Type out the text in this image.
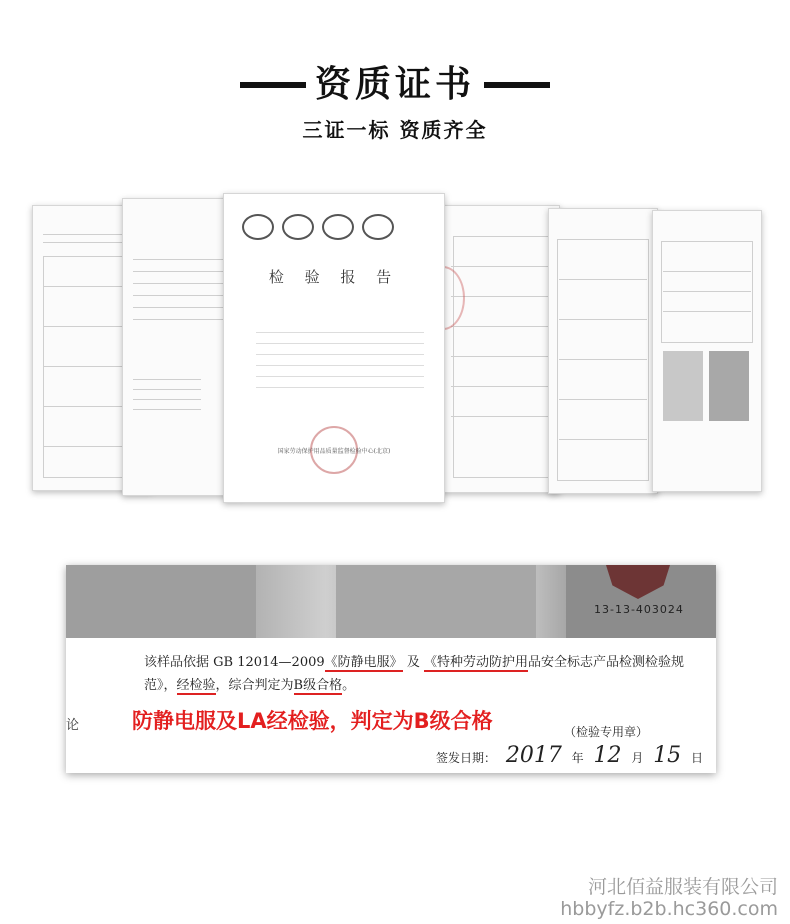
资质证书
三证一标 资质齐全
检 验 报 告
国家劳动保护用品质量监督检验中心(北京)
13-13-403024
该样品依据 GB 12014—2009《防静电服》 及 《特种劳动防护用品安全标志产品检测检验规范》，经检验，综合判定为B级合格。
论	防静电服及LA经检验，判定为B级合格	（检验专用章）
签发日期： 2017 年 12 月 15 日
河北佰益服装有限公司
hbbyfz.b2b.hc360.com
